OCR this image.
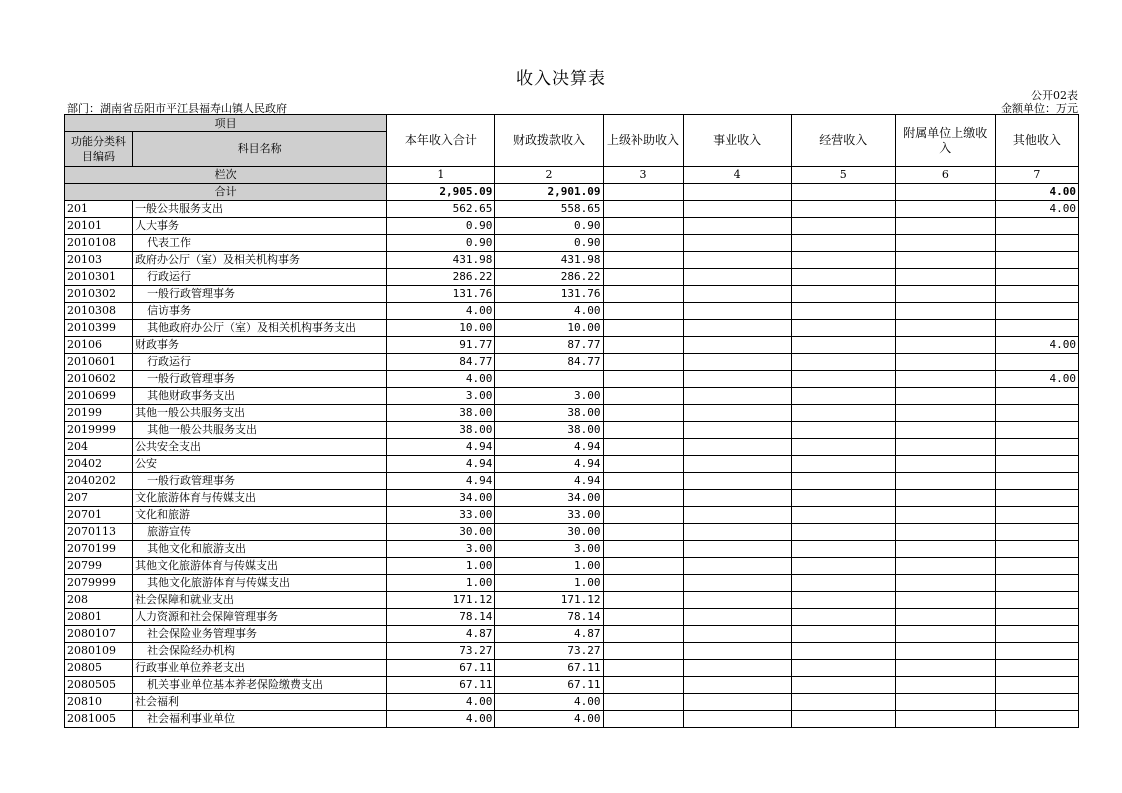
收入决算表
公开02表
部门：湖南省岳阳市平江县福寿山镇人民政府	金额单位：万元
项目		本年收入合计	财政拨款收入	上级补助收入	事业收入	经营收入	附属单位上缴收入	其他收入
功能分类科目编码	科目名称							
栏次		1	2	3	4	5	6	7
合计		2,905.09	2,901.09					4.00
201	一般公共服务支出	562.65	558.65					4.00
20101	人大事务	0.90	0.90					
2010108	代表工作	0.90	0.90					
20103	政府办公厅（室）及相关机构事务	431.98	431.98					
2010301	行政运行	286.22	286.22					
2010302	一般行政管理事务	131.76	131.76					
2010308	信访事务	4.00	4.00					
2010399	其他政府办公厅（室）及相关机构事务支出	10.00	10.00					
20106	财政事务	91.77	87.77					4.00
2010601	行政运行	84.77	84.77					
2010602	一般行政管理事务	4.00						4.00
2010699	其他财政事务支出	3.00	3.00					
20199	其他一般公共服务支出	38.00	38.00					
2019999	其他一般公共服务支出	38.00	38.00					
204	公共安全支出	4.94	4.94					
20402	公安	4.94	4.94					
2040202	一般行政管理事务	4.94	4.94					
207	文化旅游体育与传媒支出	34.00	34.00					
20701	文化和旅游	33.00	33.00					
2070113	旅游宣传	30.00	30.00					
2070199	其他文化和旅游支出	3.00	3.00					
20799	其他文化旅游体育与传媒支出	1.00	1.00					
2079999	其他文化旅游体育与传媒支出	1.00	1.00					
208	社会保障和就业支出	171.12	171.12					
20801	人力资源和社会保障管理事务	78.14	78.14					
2080107	社会保险业务管理事务	4.87	4.87					
2080109	社会保险经办机构	73.27	73.27					
20805	行政事业单位养老支出	67.11	67.11					
2080505	机关事业单位基本养老保险缴费支出	67.11	67.11					
20810	社会福利	4.00	4.00					
2081005	社会福利事业单位	4.00	4.00					
